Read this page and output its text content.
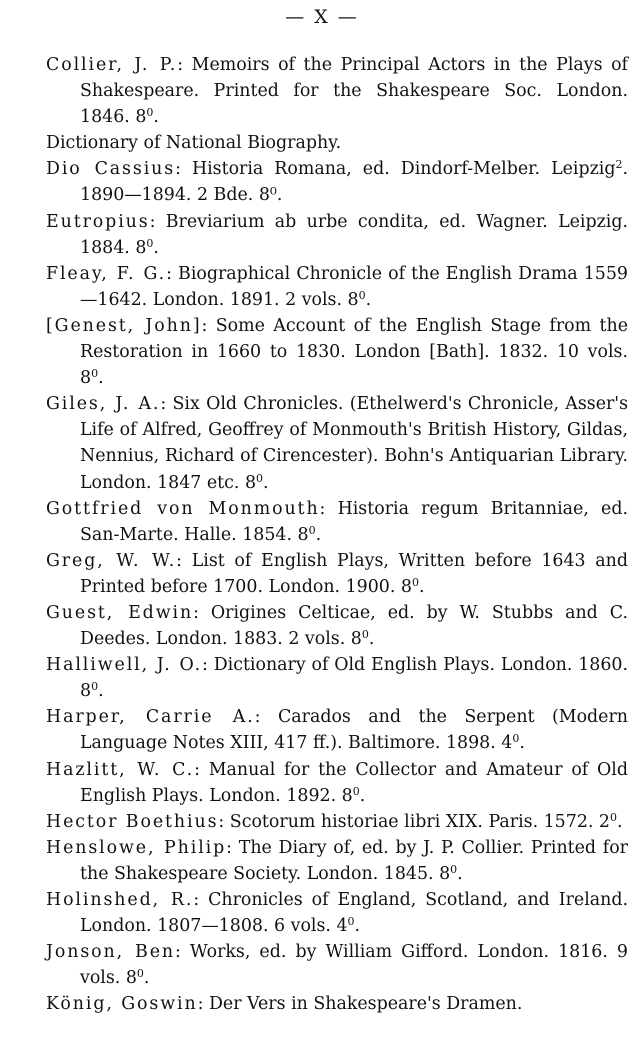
— X —

Collier, J. P.: Memoirs of the Principal Actors in the Plays of Shakespeare. Printed for the Shakespeare Soc. London. 1846. $8^0$.

Dictionary of National Biography.

Dio Cassius: Historia Romana, ed. Dindorf-Melber. Leipzig$^2$. 1890—1894. 2 Bde. 8⁰.

Eutropius: Breviarium ab urbe condita, ed. Wagner. Leipzig. 1884. $8^0$.

Fleay, F. G.: Biographical Chronicle of the English Drama 1559—1642. London. 1891. 2 vols. $8^0$.

[Genest, John]: Some Account of the English Stage from the Restoration in 1660 to 1830. London [Bath]. 1832. 10 vols. $8^0$.

Giles, J. A.: Six Old Chronicles. (Ethelwerd's Chronicle, Asser's Life of Alfred, Geoffrey of Monmouth's British History, Gildas, Nennius, Richard of Cirencester). Bohn's Antiquarian Library. London. 1847 etc. $8^0$.

Gottfried von Monmouth: Historia regum Britanniae, ed. San-Marte. Halle. 1854. $8^0$.

Greg, W. W.: List of English Plays, Written before 1643 and Printed before 1700. London. 1900. $8^0$.

Guest, Edwin: Origines Celticae, ed. by W. Stubbs and C. Deedes. London. 1883. 2 vols. $8^0$.

Halliwell, J. O.: Dictionary of Old English Plays. London. 1860. $8^0$.

Harper, Carrie A.: Carados and the Serpent (Modern Language Notes XIII, 417 ff.). Baltimore. 1898. $4^0$.

Hazlitt, W. C.: Manual for the Collector and Amateur of Old English Plays. London. 1892. $8^0$.

Hector Boethius: Scotorum historiae libri XIX. Paris. 1572. $2^0$.

Henslowe, Philip: The Diary of, ed. by J. P. Collier. Printed for the Shakespeare Society. London. 1845. $8^0$.

Holinshed, R.: Chronicles of England, Scotland, and Ireland. London. 1807—1808. 6 vols. $4^0$.

Jonson, Ben: Works, ed. by William Gifford. London. 1816. 9 vols. $8^0$.

König, Goswin: Der Vers in Shakespeare's Dramen.
